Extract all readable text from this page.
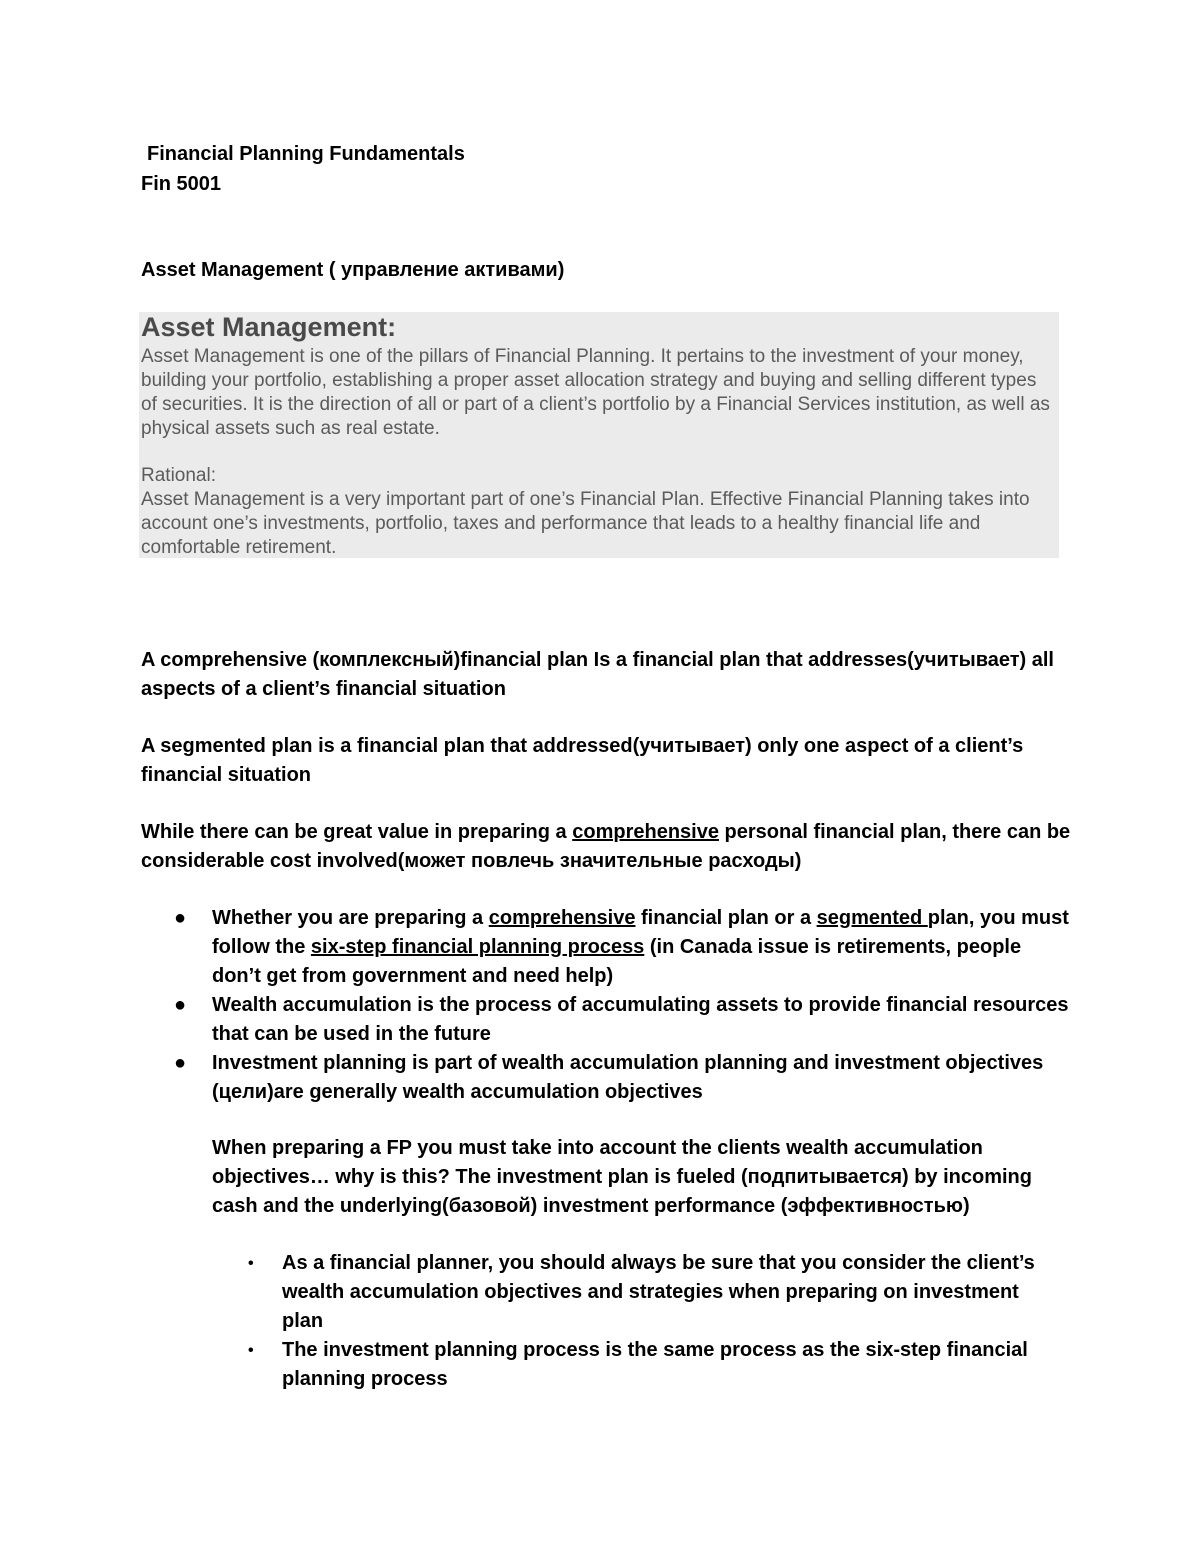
Financial Planning Fundamentals

Fin 5001

Asset Management ( управление активами)

Asset Management:

Asset Management is one of the pillars of Financial Planning. It pertains to the investment of your money, building your portfolio, establishing a proper asset allocation strategy and buying and selling different types of securities. It is the direction of all or part of a client’s portfolio by a Financial Services institution, as well as physical assets such as real estate.

Rational:

Asset Management is a very important part of one’s Financial Plan. Effective Financial Planning takes into account one’s investments, portfolio, taxes and performance that leads to a healthy financial life and comfortable retirement.

A comprehensive (комплексный)financial plan Is a financial plan that addresses(учитывает) all aspects of a client’s financial situation

A segmented plan is a financial plan that addressed(учитывает) only one aspect of a client’s financial situation

While there can be great value in preparing a comprehensive personal financial plan, there can be considerable cost involved(может повлечь значительные расходы)

● Whether you are preparing a comprehensive financial plan or a segmented plan, you must follow the six-step financial planning process (in Canada issue is retirements, people don’t get from government and need help)
● Wealth accumulation is the process of accumulating assets to provide financial resources that can be used in the future
● Investment planning is part of wealth accumulation planning and investment objectives (цели)are generally wealth accumulation objectives

When preparing a FP you must take into account the clients wealth accumulation objectives… why is this? The investment plan is fueled (подпитывается) by incoming cash and the underlying(базовой) investment performance (эффективностью)

• As a financial planner, you should always be sure that you consider the client’s wealth accumulation objectives and strategies when preparing on investment plan
• The investment planning process is the same process as the six-step financial planning process
